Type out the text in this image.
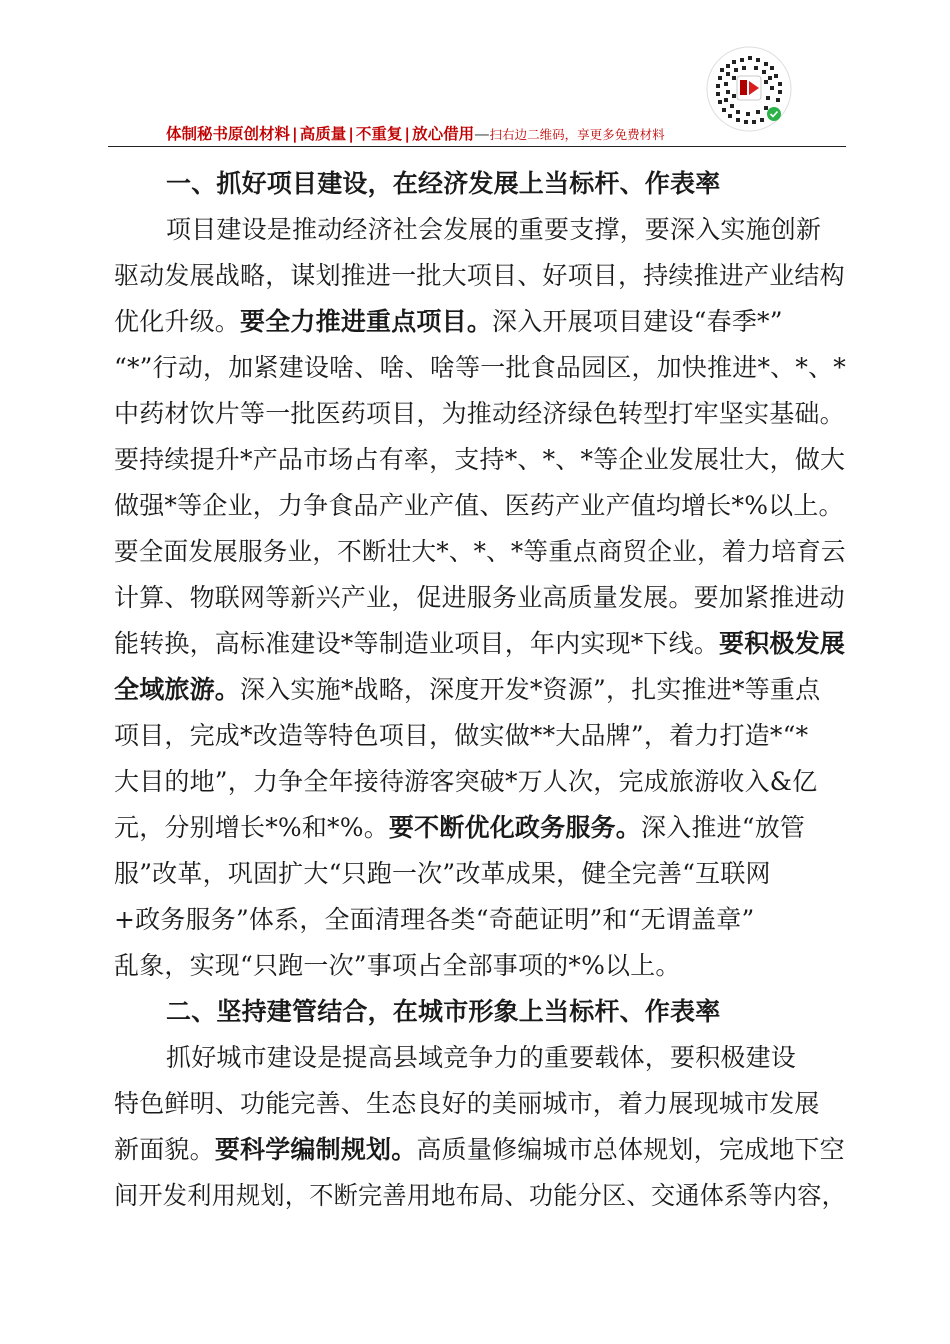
体制秘书原创材料 | 高质量 | 不重复 | 放心借用—扫右边二维码，享更多免费材料
一、抓好项目建设，在经济发展上当标杆、作表率
项目建设是推动经济社会发展的重要支撑，要深入实施创新
驱动发展战略，谋划推进一批大项目、好项目，持续推进产业结构
优化升级。要全力推进重点项目。深入开展项目建设“春季*”
“*”行动，加紧建设啥、啥、啥等一批食品园区，加快推进*、*、*
中药材饮片等一批医药项目，为推动经济绿色转型打牢坚实基础。
要持续提升*产品市场占有率，支持*、*、*等企业发展壮大，做大
做强*等企业，力争食品产业产值、医药产业产值均增长*%以上。
要全面发展服务业，不断壮大*、*、*等重点商贸企业，着力培育云
计算、物联网等新兴产业，促进服务业高质量发展。要加紧推进动
能转换，高标准建设*等制造业项目，年内实现*下线。要积极发展
全域旅游。深入实施*战略，深度开发*资源”，扎实推进*等重点
项目，完成*改造等特色项目，做实做**大品牌”，着力打造*“*
大目的地”，力争全年接待游客突破*万人次，完成旅游收入&亿
元，分别增长*%和*%。要不断优化政务服务。深入推进“放管
服”改革，巩固扩大“只跑一次”改革成果，健全完善“互联网
+政务服务”体系，全面清理各类“奇葩证明”和“无谓盖章”
乱象，实现“只跑一次”事项占全部事项的*%以上。
二、坚持建管结合，在城市形象上当标杆、作表率
抓好城市建设是提高县域竞争力的重要载体，要积极建设
特色鲜明、功能完善、生态良好的美丽城市，着力展现城市发展
新面貌。要科学编制规划。高质量修编城市总体规划，完成地下空
间开发利用规划，不断完善用地布局、功能分区、交通体系等内容，
